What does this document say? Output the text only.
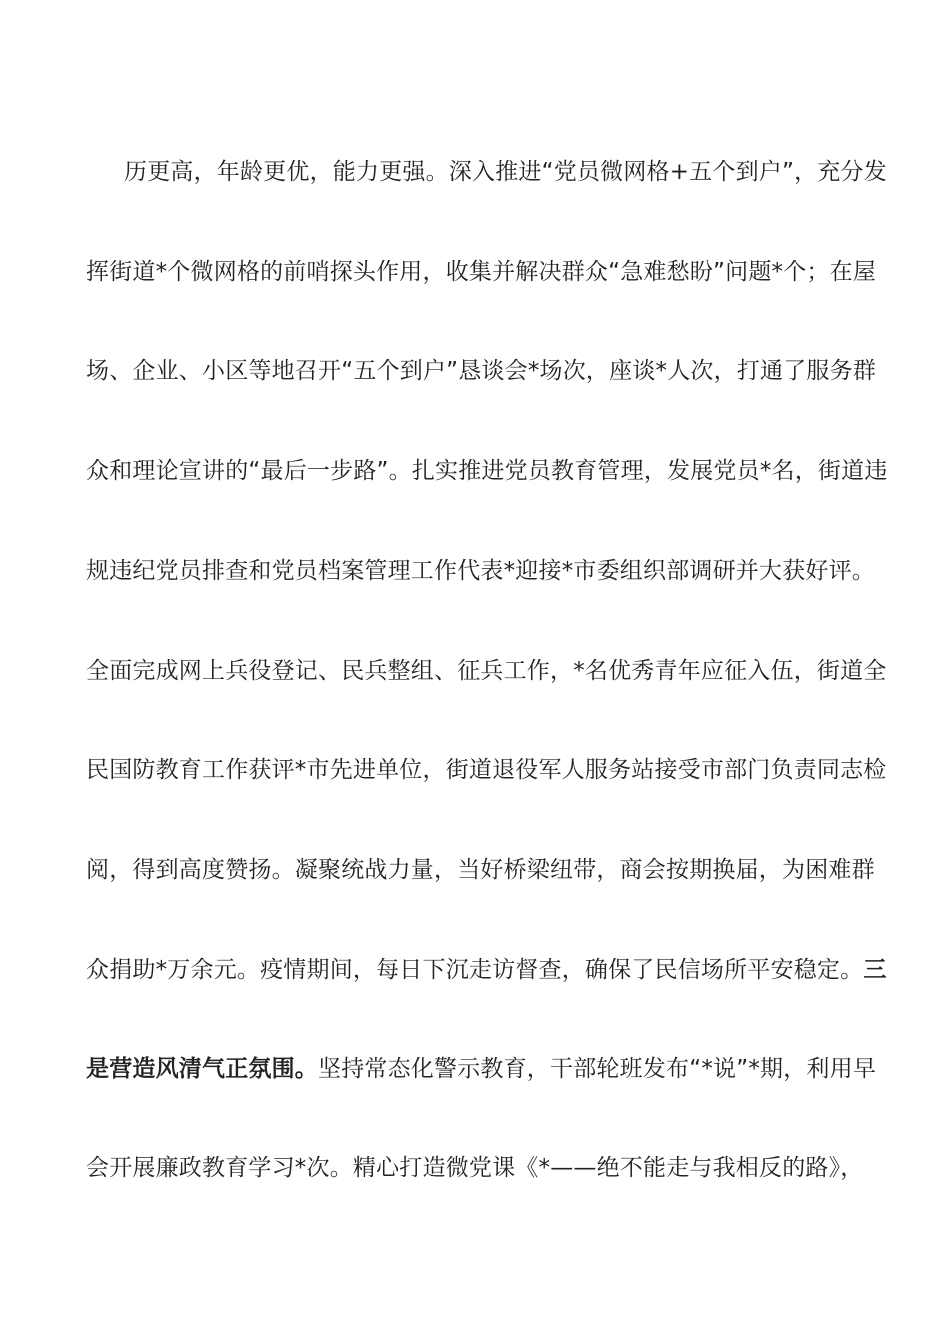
历更高，年龄更优，能力更强。深入推进“党员微网格+五个到户”，充分发
挥街道*个微网格的前哨探头作用，收集并解决群众“急难愁盼”问题*个；在屋
场、企业、小区等地召开“五个到户”恳谈会*场次，座谈*人次，打通了服务群
众和理论宣讲的“最后一步路”。扎实推进党员教育管理，发展党员*名，街道违
规违纪党员排查和党员档案管理工作代表*迎接*市委组织部调研并大获好评。
全面完成网上兵役登记、民兵整组、征兵工作，*名优秀青年应征入伍，街道全
民国防教育工作获评*市先进单位，街道退役军人服务站接受市部门负责同志检
阅，得到高度赞扬。凝聚统战力量，当好桥梁纽带，商会按期换届，为困难群
众捐助*万余元。疫情期间，每日下沉走访督查，确保了民信场所平安稳定。三
是营造风清气正氛围。坚持常态化警示教育，干部轮班发布“*说”*期，利用早
会开展廉政教育学习*次。精心打造微党课《*——绝不能走与我相反的路》，
